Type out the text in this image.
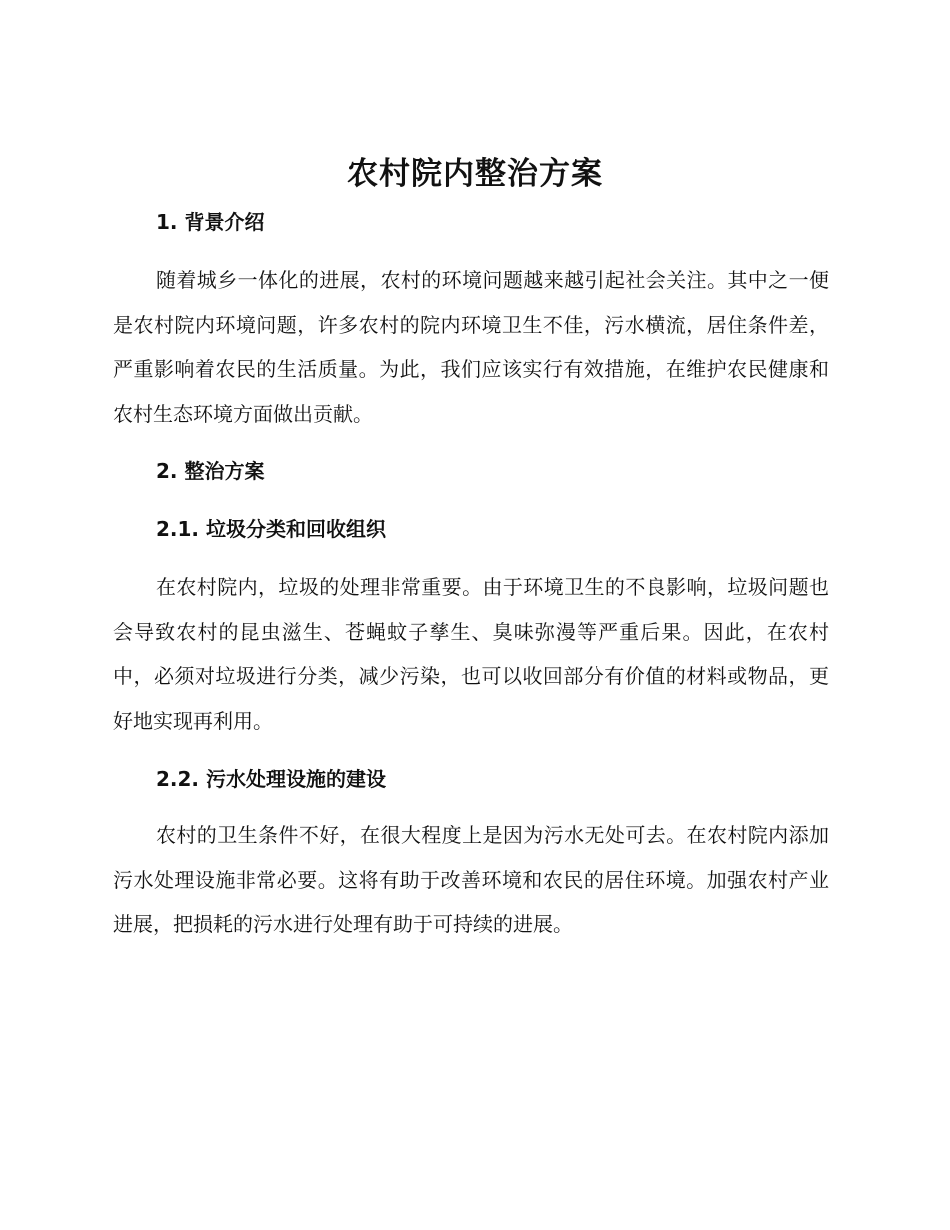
农村院内整治方案
1. 背景介绍

随着城乡一体化的进展，农村的环境问题越来越引起社会关注。其中之一便是农村院内环境问题，许多农村的院内环境卫生不佳，污水横流，居住条件差，严重影响着农民的生活质量。为此，我们应该实行有效措施，在维护农民健康和农村生态环境方面做出贡献。

2. 整治方案
2.1. 垃圾分类和回收组织

在农村院内，垃圾的处理非常重要。由于环境卫生的不良影响，垃圾问题也会导致农村的昆虫滋生、苍蝇蚊子孳生、臭味弥漫等严重后果。因此，在农村中，必须对垃圾进行分类，减少污染，也可以收回部分有价值的材料或物品，更好地实现再利用。

2.2. 污水处理设施的建设

农村的卫生条件不好，在很大程度上是因为污水无处可去。在农村院内添加污水处理设施非常必要。这将有助于改善环境和农民的居住环境。加强农村产业进展，把损耗的污水进行处理有助于可持续的进展。
